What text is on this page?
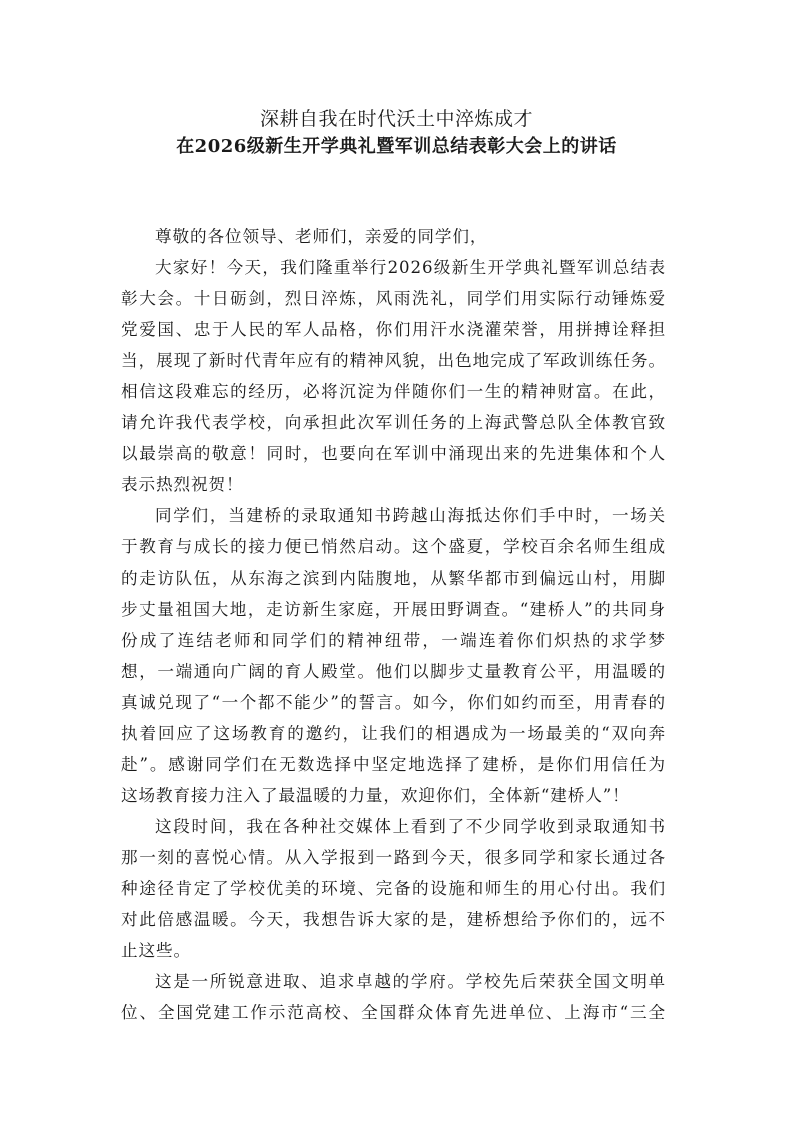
深耕自我在时代沃土中淬炼成才
在2026级新生开学典礼暨军训总结表彰大会上的讲话
尊敬的各位领导、老师们，亲爱的同学们，
大家好！今天，我们隆重举行2026级新生开学典礼暨军训总结表
彰大会。十日砺剑，烈日淬炼，风雨洗礼，同学们用实际行动锤炼爱
党爱国、忠于人民的军人品格，你们用汗水浇灌荣誉，用拼搏诠释担
当，展现了新时代青年应有的精神风貌，出色地完成了军政训练任务。
相信这段难忘的经历，必将沉淀为伴随你们一生的精神财富。在此，
请允许我代表学校，向承担此次军训任务的上海武警总队全体教官致
以最崇高的敬意！同时，也要向在军训中涌现出来的先进集体和个人
表示热烈祝贺！
同学们，当建桥的录取通知书跨越山海抵达你们手中时，一场关
于教育与成长的接力便已悄然启动。这个盛夏，学校百余名师生组成
的走访队伍，从东海之滨到内陆腹地，从繁华都市到偏远山村，用脚
步丈量祖国大地，走访新生家庭，开展田野调查。“建桥人”的共同身
份成了连结老师和同学们的精神纽带，一端连着你们炽热的求学梦
想，一端通向广阔的育人殿堂。他们以脚步丈量教育公平，用温暖的
真诚兑现了“一个都不能少”的誓言。如今，你们如约而至，用青春的
执着回应了这场教育的邀约，让我们的相遇成为一场最美的“双向奔
赴”。感谢同学们在无数选择中坚定地选择了建桥，是你们用信任为
这场教育接力注入了最温暖的力量，欢迎你们，全体新“建桥人”！
这段时间，我在各种社交媒体上看到了不少同学收到录取通知书
那一刻的喜悦心情。从入学报到一路到今天，很多同学和家长通过各
种途径肯定了学校优美的环境、完备的设施和师生的用心付出。我们
对此倍感温暖。今天，我想告诉大家的是，建桥想给予你们的，远不
止这些。
这是一所锐意进取、追求卓越的学府。学校先后荣获全国文明单
位、全国党建工作示范高校、全国群众体育先进单位、上海市“三全
